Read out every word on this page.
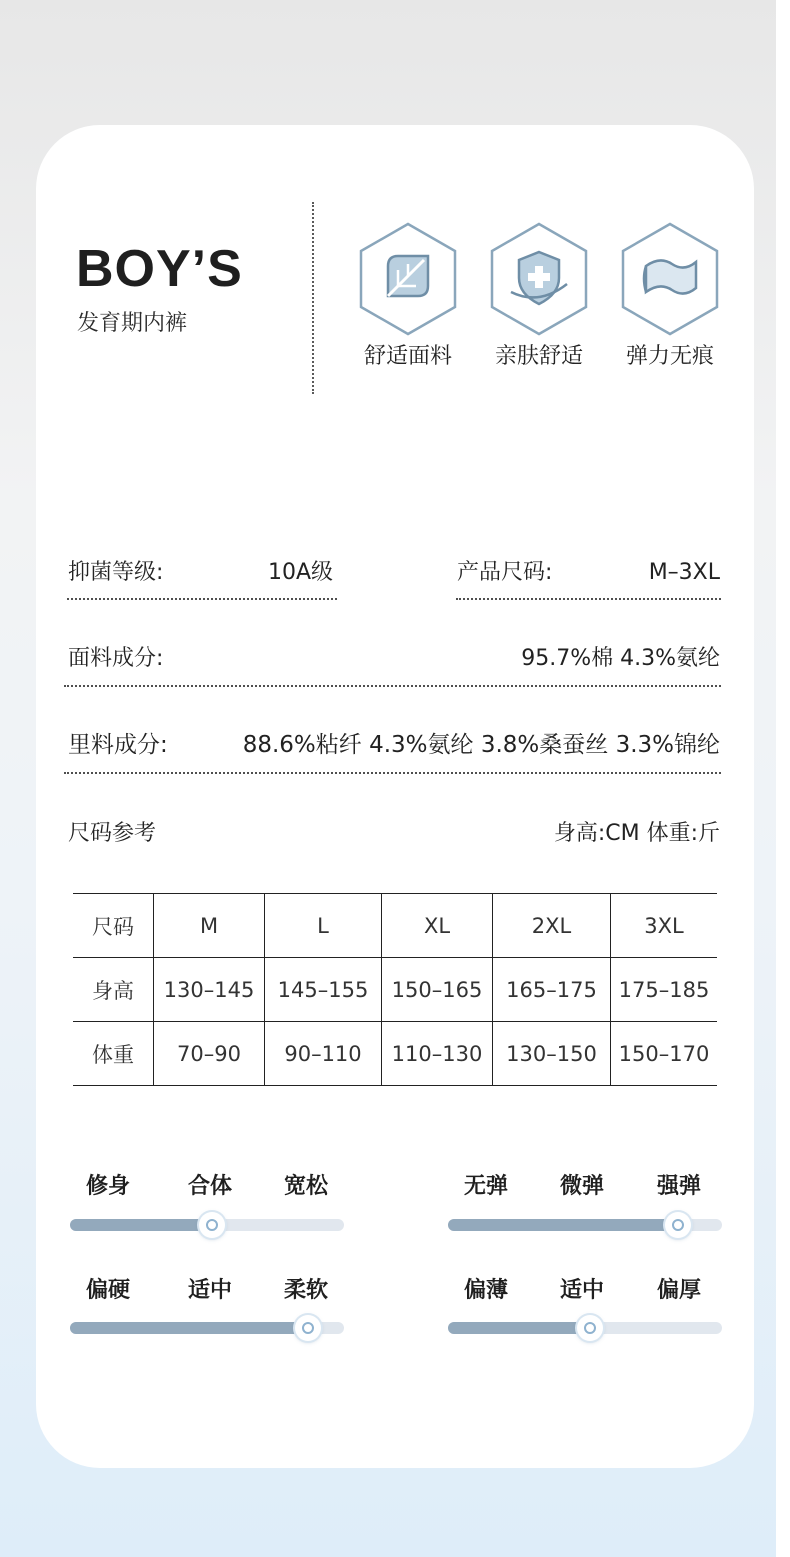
BOY’S
发育期内裤
舒适面料	亲肤舒适	弹力无痕
抑菌等级:	10A级	产品尺码:	M–3XL
面料成分:	95.7%棉 4.3%氨纶
里料成分:	88.6%粘纤 4.3%氨纶 3.8%桑蚕丝 3.3%锦纶
尺码参考	身高:CM 体重:斤
尺码	M	L	XL	2XL	3XL
身高	130–145	145–155	150–165	165–175	175–185
体重	70–90	90–110	110–130	130–150	150–170
修身	合体	宽松	无弹	微弹	强弹
偏硬	适中	柔软	偏薄	适中	偏厚
